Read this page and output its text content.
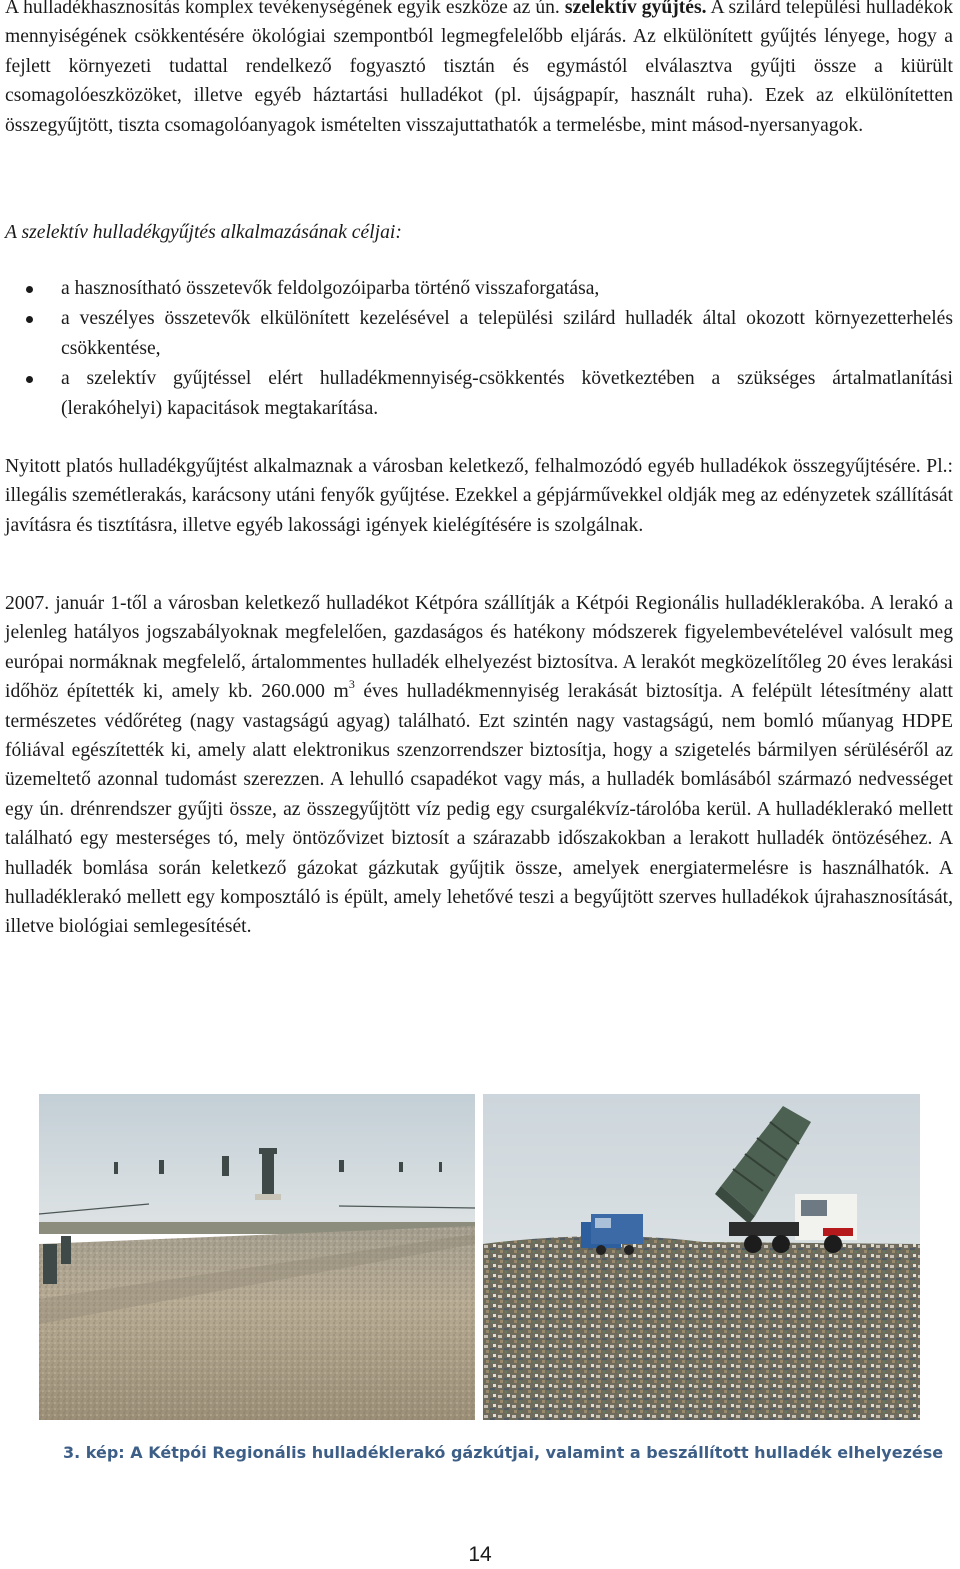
A hulladékhasznosítás komplex tevékenységének egyik eszköze az ún. szelektív gyűjtés. A szilárd települési hulladékok mennyiségének csökkentésére ökológiai szempontból legmegfelelőbb eljárás. Az elkülönített gyűjtés lényege, hogy a fejlett környezeti tudattal rendelkező fogyasztó tisztán és egymástól elválasztva gyűjti össze a kiürült csomagolóeszközöket, illetve egyéb háztartási hulladékot (pl. újságpapír, használt ruha). Ezek az elkülönítetten összegyűjtött, tiszta csomagolóanyagok ismételten visszajuttathatók a termelésbe, mint másod-nyersanyagok.

A szelektív hulladékgyűjtés alkalmazásának céljai:

a hasznosítható összetevők feldolgozóiparba történő visszaforgatása,
a veszélyes összetevők elkülönített kezelésével a települési szilárd hulladék által okozott környezetterhelés csökkentése,
a szelektív gyűjtéssel elért hulladékmennyiség-csökkentés következtében a szükséges ártalmatlanítási (lerakóhelyi) kapacitások megtakarítása.

Nyitott platós hulladékgyűjtést alkalmaznak a városban keletkező, felhalmozódó egyéb hulladékok összegyűjtésére. Pl.: illegális szemétlerakás, karácsony utáni fenyők gyűjtése. Ezekkel a gépjárművekkel oldják meg az edényzetek szállítását javításra és tisztításra, illetve egyéb lakossági igények kielégítésére is szolgálnak.

2007. január 1-től a városban keletkező hulladékot Kétpóra szállítják a Kétpói Regionális hulladéklerakóba. A lerakó a jelenleg hatályos jogszabályoknak megfelelően, gazdaságos és hatékony módszerek figyelembevételével valósult meg európai normáknak megfelelő, ártalommentes hulladék elhelyezést biztosítva. A lerakót megközelítőleg 20 éves lerakási időhöz építették ki, amely kb. 260.000 $m^3$ éves hulladékmennyiség lerakását biztosítja. A felépült létesítmény alatt természetes védőréteg (nagy vastagságú agyag) található. Ezt szintén nagy vastagságú, nem bomló műanyag HDPE fóliával egészítették ki, amely alatt elektronikus szenzorrendszer biztosítja, hogy a szigetelés bármilyen sérüléséről az üzemeltető azonnal tudomást szerezzen. A lehulló csapadékot vagy más, a hulladék bomlásából származó nedvességet egy ún. drénrendszer gyűjti össze, az összegyűjtött víz pedig egy csurgalékvíz-tárolóba kerül. A hulladéklerakó mellett található egy mesterséges tó, mely öntözővizet biztosít a szárazabb időszakokban a lerakott hulladék öntözéséhez. A hulladék bomlása során keletkező gázokat gázkutak gyűjtik össze, amelyek energiatermelésre is használhatók. A hulladéklerakó mellett egy komposztáló is épült, amely lehetővé teszi a begyűjtött szerves hulladékok újrahasznosítását, illetve biológiai semlegesítését.

3. kép: A Kétpói Regionális hulladéklerakó gázkútjai, valamint a beszállított hulladék elhelyezése

14
